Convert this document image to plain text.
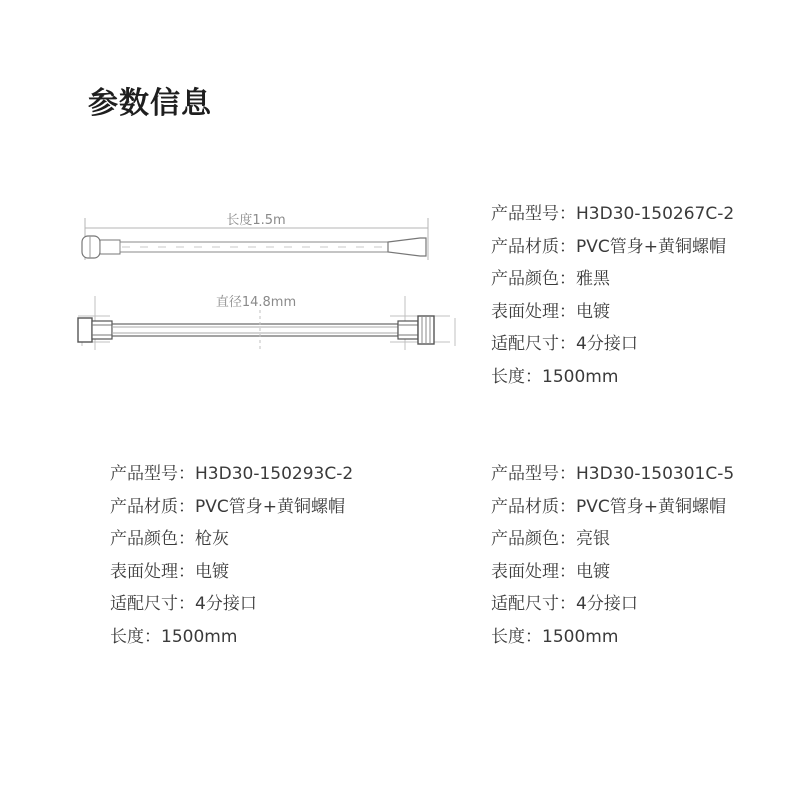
参数信息
长度1.5m
直径14.8mm
产品型号：H3D30-150267C-2
产品材质：PVC管身+黄铜螺帽
产品颜色：雅黑
表面处理：电镀
适配尺寸：4分接口
长度：1500mm
产品型号：H3D30-150293C-2
产品材质：PVC管身+黄铜螺帽
产品颜色：枪灰
表面处理：电镀
适配尺寸：4分接口
长度：1500mm
产品型号：H3D30-150301C-5
产品材质：PVC管身+黄铜螺帽
产品颜色：亮银
表面处理：电镀
适配尺寸：4分接口
长度：1500mm
